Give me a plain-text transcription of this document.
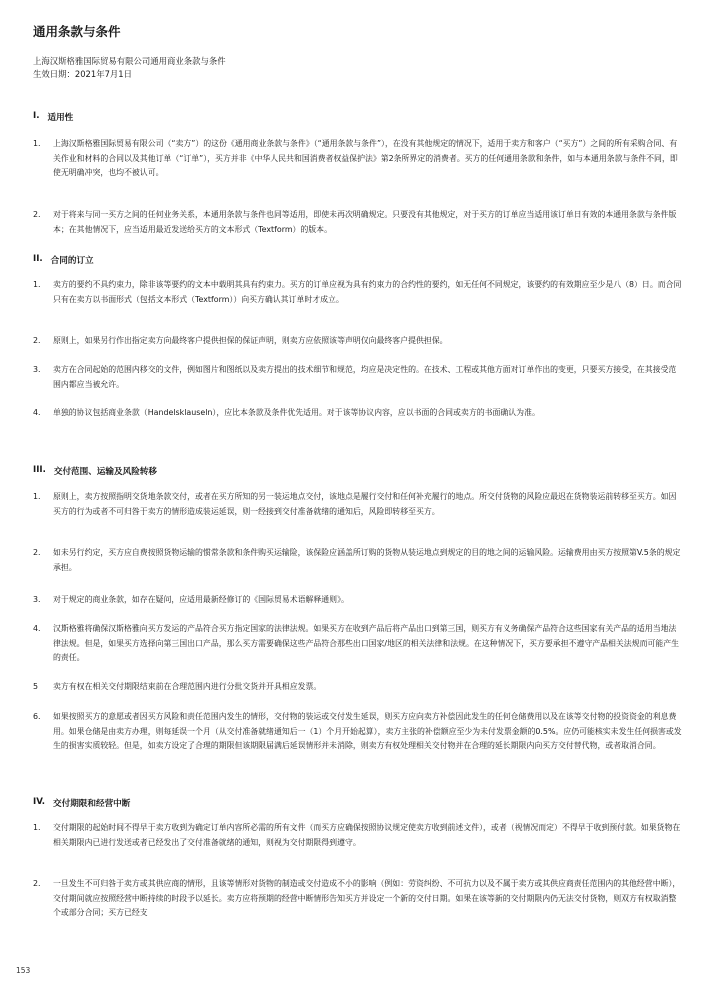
通用条款与条件
上海汉斯格雅国际贸易有限公司通用商业条款与条件
生效日期：2021年7月1日
I. 适用性
1.	上海汉斯格雅国际贸易有限公司（“卖方”）的这份《通用商业条款与条件》（“通用条款与条件”），在没有其他规定的情况下，适用于卖方和客户（“买方”）之间的所有采购合同、有关作业和材料的合同以及其他订单（“订单”），买方并非《中华人民共和国消费者权益保护法》第2条所界定的消费者。买方的任何通用条款和条件，如与本通用条款与条件不同，即使无明确冲突，也均不被认可。
2.	对于将来与同一买方之间的任何业务关系，本通用条款与条件也同等适用，即使未再次明确规定。只要没有其他规定，对于买方的订单应当适用该订单日有效的本通用条款与条件版本；在其他情况下，应当适用最近发送给买方的文本形式（Textform）的版本。
II. 合同的订立
1.	卖方的要约不具约束力，除非该等要约的文本中载明其具有约束力。买方的订单应视为具有约束力的合约性的要约，如无任何不同规定，该要约的有效期应至少是八（8）日。而合同只有在卖方以书面形式（包括文本形式（Textform））向买方确认其订单时才成立。
2.	原则上，如果另行作出指定卖方向最终客户提供担保的保证声明，则卖方应依照该等声明仅向最终客户提供担保。
3.	卖方在合同起始的范围内移交的文件，例如图片和图纸以及卖方提出的技术细节和规范，均应是决定性的。在技术、工程或其他方面对订单作出的变更，只要买方接受，在其接受范围内都应当被允许。
4.	单独的协议包括商业条款（Handelsklauseln），应比本条款及条件优先适用。对于该等协议内容，应以书面的合同或卖方的书面确认为准。
III. 交付范围、运输及风险转移
1.	原则上，卖方按照指明交货地条款交付，或者在买方所知的另一装运地点交付，该地点是履行交付和任何补充履行的地点。所交付货物的风险应最迟在货物装运前转移至买方。如因买方的行为或者不可归咎于卖方的情形造成装运延误，则一经接到交付准备就绪的通知后，风险即转移至买方。
2.	如未另行约定，买方应自费按照货物运输的惯常条款和条件购买运输险，该保险应涵盖所订购的货物从装运地点到规定的目的地之间的运输风险。运输费用由买方按照第V.5条的规定承担。
3.	对于规定的商业条款，如存在疑问，应适用最新经修订的《国际贸易术语解释通则》。
4.	汉斯格雅将确保汉斯格雅向买方发运的产品符合买方指定国家的法律法规。如果买方在收到产品后将产品出口到第三国，则买方有义务确保产品符合这些国家有关产品的适用当地法律法规。但是，如果买方选择向第三国出口产品，那么买方需要确保这些产品符合那些出口国家/地区的相关法律和法规。在这种情况下，买方要承担不遵守产品相关法规而可能产生的责任。
5	卖方有权在相关交付期限结束前在合理范围内进行分批交货并开具相应发票。
6.	如果按照买方的意愿或者因买方风险和责任范围内发生的情形，交付物的装运或交付发生延误，则买方应向卖方补偿因此发生的任何仓储费用以及在该等交付物的投资资金的利息费用。如果仓储是由卖方办理，则每延误一个月（从交付准备就绪通知后一（1）个月开始起算），卖方主张的补偿额应至少为未付发票金额的0.5%。应仍可能核实未发生任何损害或发生的损害实质较轻。但是，如卖方设定了合理的期限但该期限届满后延误情形并未消除，则卖方有权处理相关交付物并在合理的延长期限内向买方交付替代物，或者取消合同。
IV. 交付期限和经营中断
1.	交付期限的起始时间不得早于卖方收到为确定订单内容所必需的所有文件（而买方应确保按照协议规定使卖方收到前述文件），或者（视情况而定）不得早于收到预付款。如果货物在相关期限内已进行发送或者已经发出了交付准备就绪的通知，则视为交付期限得到遵守。
2.	一旦发生不可归咎于卖方或其供应商的情形，且该等情形对货物的制造或交付造成不小的影响（例如：劳资纠纷、不可抗力以及不属于卖方或其供应商责任范围内的其他经营中断），交付期间就应按照经营中断持续的时段予以延长。卖方应将预期的经营中断情形告知买方并设定一个新的交付日期。如果在该等新的交付期限内仍无法交付货物，则双方有权取消整个或部分合同；买方已经支
153
